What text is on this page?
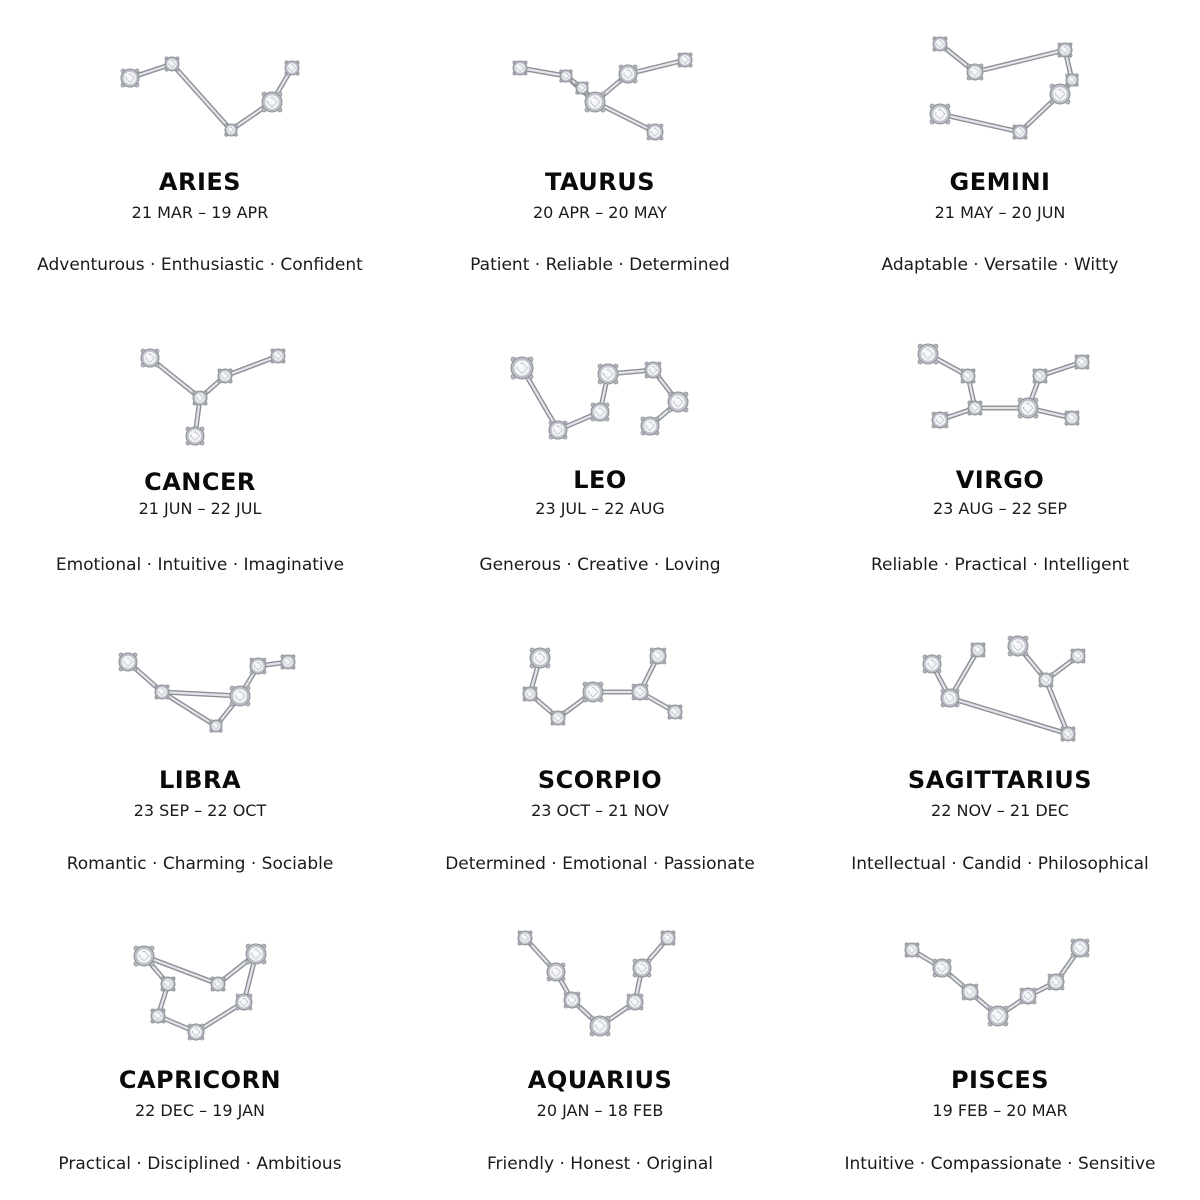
ARIES
21 MAR – 19 APR
Adventurous · Enthusiastic · Confident
TAURUS
20 APR – 20 MAY
Patient · Reliable · Determined
GEMINI
21 MAY – 20 JUN
Adaptable · Versatile · Witty
CANCER
21 JUN – 22 JUL
Emotional · Intuitive · Imaginative
LEO
23 JUL – 22 AUG
Generous · Creative · Loving
VIRGO
23 AUG – 22 SEP
Reliable · Practical · Intelligent
LIBRA
23 SEP – 22 OCT
Romantic · Charming · Sociable
SCORPIO
23 OCT – 21 NOV
Determined · Emotional · Passionate
SAGITTARIUS
22 NOV – 21 DEC
Intellectual · Candid · Philosophical
CAPRICORN
22 DEC – 19 JAN
Practical · Disciplined · Ambitious
AQUARIUS
20 JAN – 18 FEB
Friendly · Honest · Original
PISCES
19 FEB – 20 MAR
Intuitive · Compassionate · Sensitive
